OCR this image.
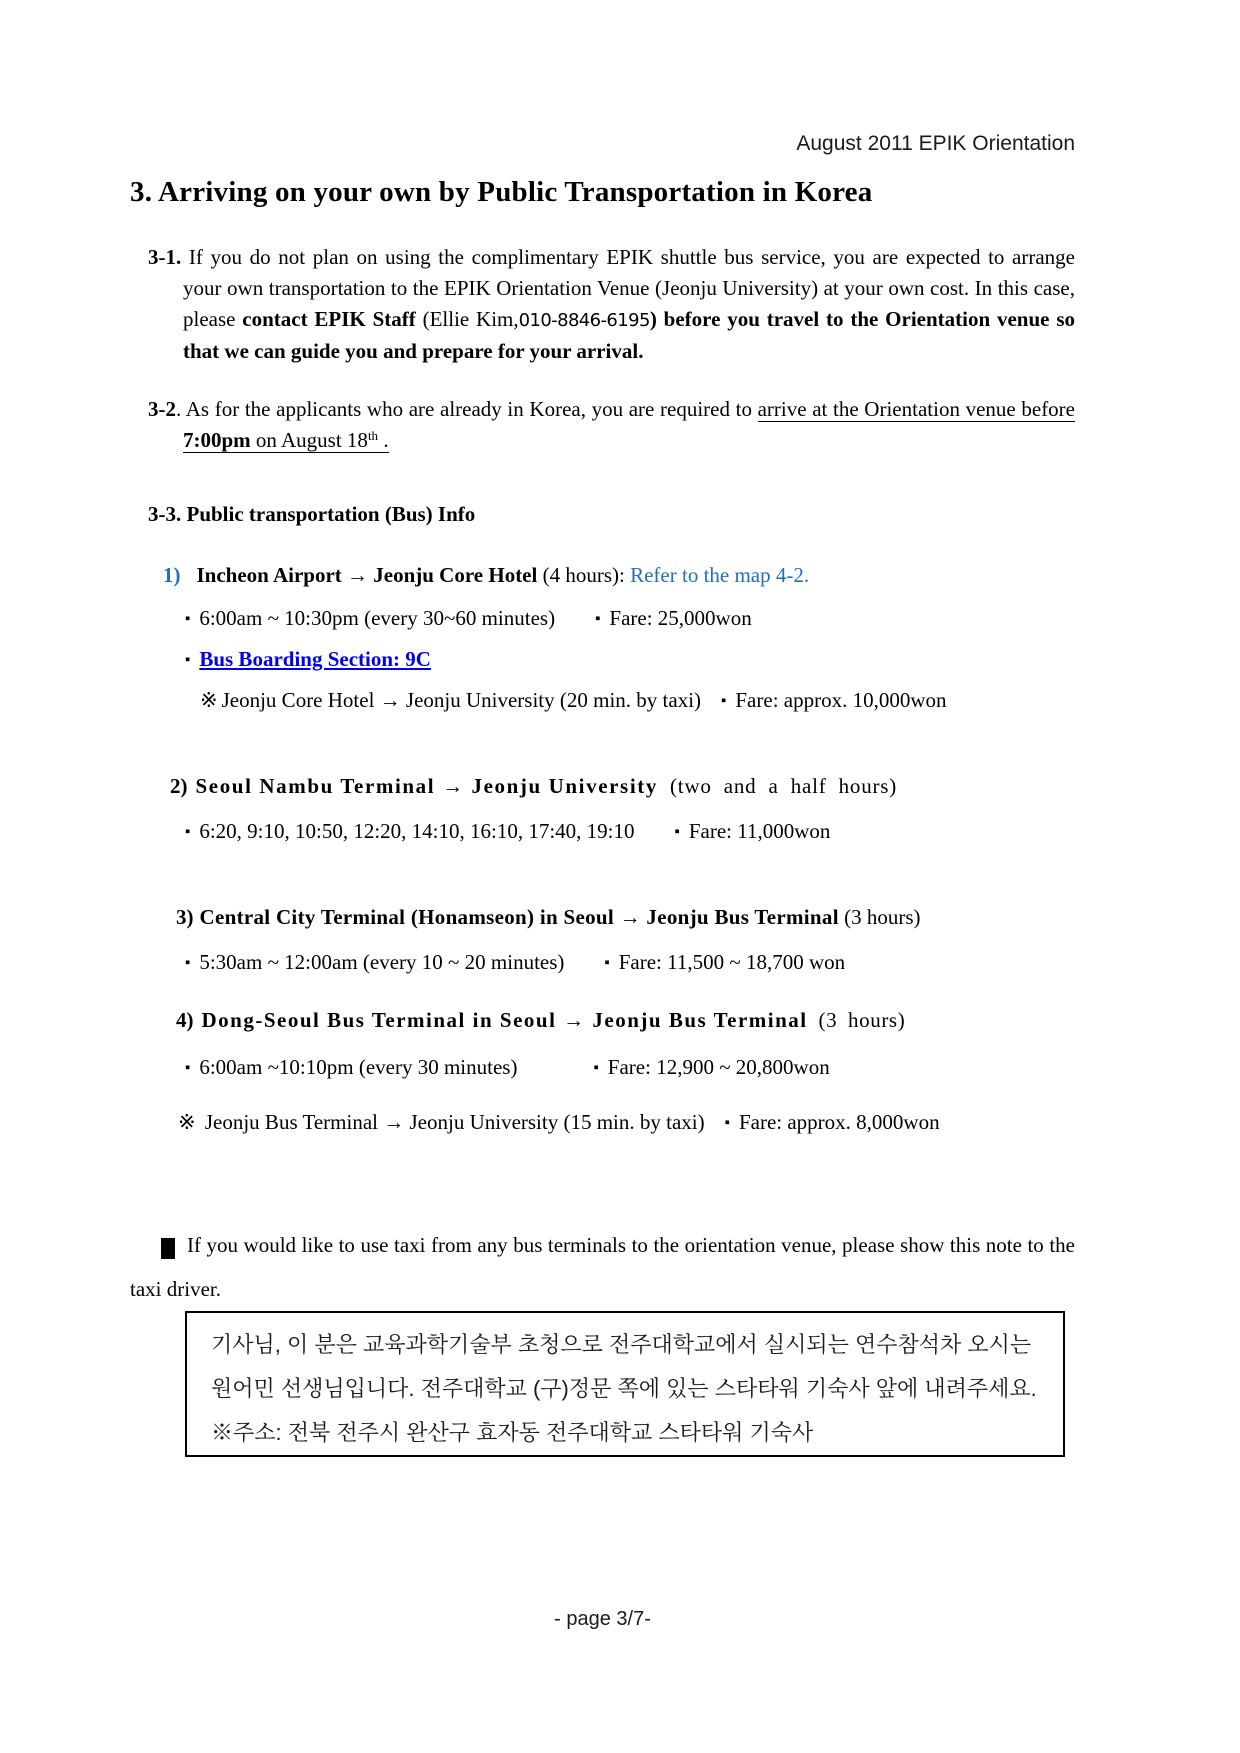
August 2011 EPIK Orientation
3. Arriving on your own by Public Transportation in Korea

3-1. If you do not plan on using the complimentary EPIK shuttle bus service, you are expected to arrange your own transportation to the EPIK Orientation Venue (Jeonju University) at your own cost. In this case, please contact EPIK Staff (Ellie Kim,010-8846-6195) before you travel to the Orientation venue so that we can guide you and prepare for your arrival.

3-2. As for the applicants who are already in Korea, you are required to arrive at the Orientation venue before 7:00pm on August 18th .

3-3. Public transportation (Bus) Info
1) Incheon Airport → Jeonju Core Hotel (4 hours): Refer to the map 4-2.
▪ 6:00am ~ 10:30pm (every 30~60 minutes)	▪ Fare: 25,000won
▪ Bus Boarding Section: 9C
※ Jeonju Core Hotel → Jeonju University (20 min. by taxi) ▪ Fare: approx. 10,000won
2) Seoul Nambu Terminal → Jeonju University (two and a half hours)
▪ 6:20, 9:10, 10:50, 12:20, 14:10, 16:10, 17:40, 19:10	▪ Fare: 11,000won
3) Central City Terminal (Honamseon) in Seoul → Jeonju Bus Terminal (3 hours)
▪ 5:30am ~ 12:00am (every 10 ~ 20 minutes)	▪ Fare: 11,500 ~ 18,700 won
4) Dong-Seoul Bus Terminal in Seoul → Jeonju Bus Terminal (3 hours)
▪ 6:00am ~10:10pm (every 30 minutes)	▪ Fare: 12,900 ~ 20,800won
※ Jeonju Bus Terminal → Jeonju University (15 min. by taxi) ▪ Fare: approx. 8,000won

If you would like to use taxi from any bus terminals to the orientation venue, please show this note to the taxi driver.

기사님, 이 분은 교육과학기술부 초청으로 전주대학교에서 실시되는 연수참석차 오시는
원어민 선생님입니다. 전주대학교 (구)정문 쪽에 있는 스타타워 기숙사 앞에 내려주세요.
※주소: 전북 전주시 완산구 효자동 전주대학교 스타타워 기숙사
- page 3/7-
